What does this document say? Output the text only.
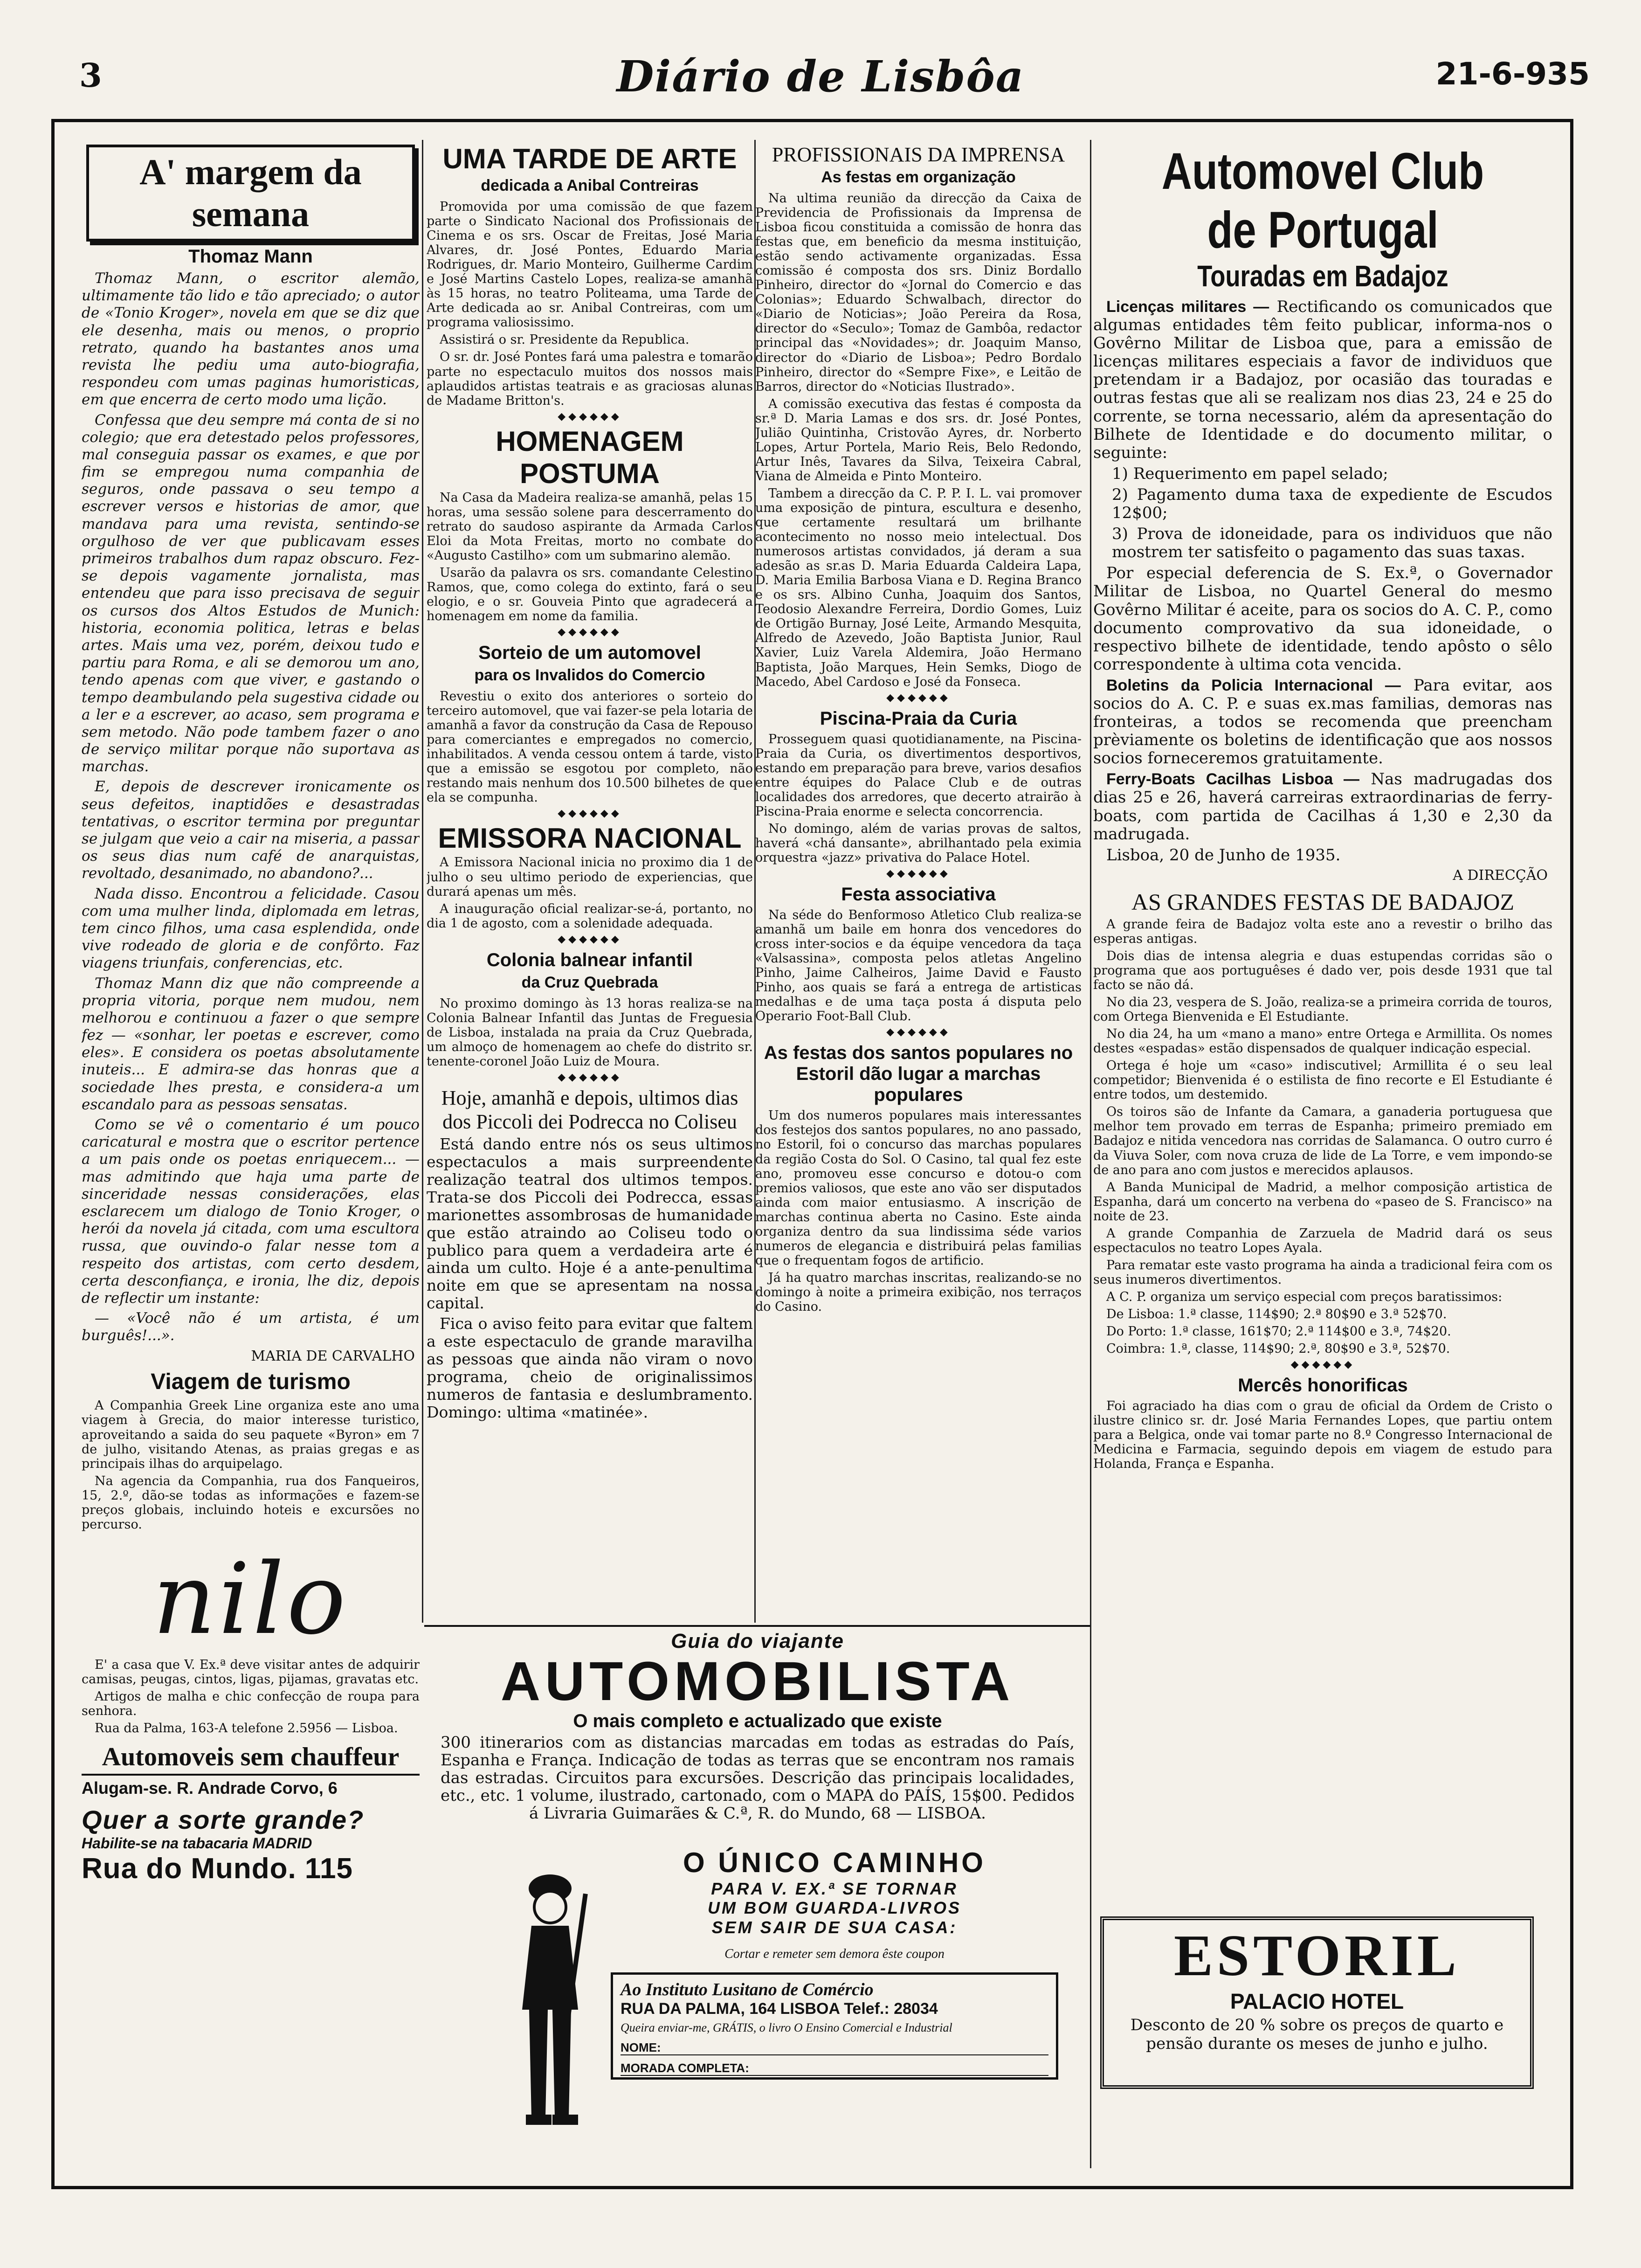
3	Diário de Lisbôa	21-6-935
A' margem da semana
Thomaz Mann

Thomaz Mann, o escritor alemão, ultimamente tão lido e tão apreciado; o autor de «Tonio Kroger», novela em que se diz que ele desenha, mais ou menos, o proprio retrato, quando ha bastantes anos uma revista lhe pediu uma auto-biografia, respondeu com umas paginas humoristicas, em que encerra de certo modo uma lição.

Confessa que deu sempre má conta de si no colegio; que era detestado pelos professores, mal conseguia passar os exames, e que por fim se empregou numa companhia de seguros, onde passava o seu tempo a escrever versos e historias de amor, que mandava para uma revista, sentindo-se orgulhoso de ver que publicavam esses primeiros trabalhos dum rapaz obscuro. Fez-se depois vagamente jornalista, mas entendeu que para isso precisava de seguir os cursos dos Altos Estudos de Munich: historia, economia politica, letras e belas artes. Mais uma vez, porém, deixou tudo e partiu para Roma, e ali se demorou um ano, tendo apenas com que viver, e gastando o tempo deambulando pela sugestiva cidade ou a ler e a escrever, ao acaso, sem programa e sem metodo. Não pode tambem fazer o ano de serviço militar porque não suportava as marchas.

E, depois de descrever ironicamente os seus defeitos, inaptidões e desastradas tentativas, o escritor termina por preguntar se julgam que veio a cair na miseria, a passar os seus dias num café de anarquistas, revoltado, desanimado, no abandono?...

Nada disso. Encontrou a felicidade. Casou com uma mulher linda, diplomada em letras, tem cinco filhos, uma casa esplendida, onde vive rodeado de gloria e de confôrto. Faz viagens triunfais, conferencias, etc.

Thomaz Mann diz que não compreende a propria vitoria, porque nem mudou, nem melhorou e continuou a fazer o que sempre fez — «sonhar, ler poetas e escrever, como eles». E considera os poetas absolutamente inuteis... E admira-se das honras que a sociedade lhes presta, e considera-a um escandalo para as pessoas sensatas.

Como se vê o comentario é um pouco caricatural e mostra que o escritor pertence a um pais onde os poetas enriquecem... — mas admitindo que haja uma parte de sinceridade nessas considerações, elas esclarecem um dialogo de Tonio Kroger, o herói da novela já citada, com uma escultora russa, que ouvindo-o falar nesse tom a respeito dos artistas, com certo desdem, certa desconfiança, e ironia, lhe diz, depois de reflectir um instante:

— «Você não é um artista, é um burguês!...».

MARIA DE CARVALHO
Viagem de turismo

A Companhia Greek Line organiza este ano uma viagem à Grecia, do maior interesse turistico, aproveitando a saida do seu paquete «Byron» em 7 de julho, visitando Atenas, as praias gregas e as principais ilhas do arquipelago.

Na agencia da Companhia, rua dos Fanqueiros, 15, 2.º, dão-se todas as informações e fazem-se preços globais, incluindo hoteis e excursões no percurso.

nilo

E' a casa que V. Ex.ª deve visitar antes de adquirir camisas, peugas, cintos, ligas, pijamas, gravatas etc.

Artigos de malha e chic confecção de roupa para senhora.

Rua da Palma, 163-A telefone 2.5956 — Lisboa.

Automoveis sem chauffeur
Alugam-se. R. Andrade Corvo, 6
Quer a sorte grande?
Habilite-se na tabacaria MADRID
Rua do Mundo. 115
UMA TARDE DE ARTE
dedicada a Anibal Contreiras

Promovida por uma comissão de que fazem parte o Sindicato Nacional dos Profissionais de Cinema e os srs. Oscar de Freitas, José Maria Alvares, dr. José Pontes, Eduardo Maria Rodrigues, dr. Mario Monteiro, Guilherme Cardim e José Martins Castelo Lopes, realiza-se amanhã às 15 horas, no teatro Politeama, uma Tarde de Arte dedicada ao sr. Anibal Contreiras, com um programa valiosissimo.

Assistirá o sr. Presidente da Republica.

O sr. dr. José Pontes fará uma palestra e tomarão parte no espectaculo muitos dos nossos mais aplaudidos artistas teatrais e as graciosas alunas de Madame Britton's.

◆◆◆◆◆◆
HOMENAGEM POSTUMA

Na Casa da Madeira realiza-se amanhã, pelas 15 horas, uma sessão solene para descerramento do retrato do saudoso aspirante da Armada Carlos Eloi da Mota Freitas, morto no combate do «Augusto Castilho» com um submarino alemão.

Usarão da palavra os srs. comandante Celestino Ramos, que, como colega do extinto, fará o seu elogio, e o sr. Gouveia Pinto que agradecerá a homenagem em nome da familia.

◆◆◆◆◆◆
Sorteio de um automovel
para os Invalidos do Comercio

Revestiu o exito dos anteriores o sorteio do terceiro automovel, que vai fazer-se pela lotaria de amanhã a favor da construção da Casa de Repouso para comerciantes e empregados no comercio, inhabilitados. A venda cessou ontem á tarde, visto que a emissão se esgotou por completo, não restando mais nenhum dos 10.500 bilhetes de que ela se compunha.

◆◆◆◆◆◆
EMISSORA NACIONAL

A Emissora Nacional inicia no proximo dia 1 de julho o seu ultimo periodo de experiencias, que durará apenas um mês.

A inauguração oficial realizar-se-á, portanto, no dia 1 de agosto, com a solenidade adequada.

◆◆◆◆◆◆
Colonia balnear infantil
da Cruz Quebrada

No proximo domingo às 13 horas realiza-se na Colonia Balnear Infantil das Juntas de Freguesia de Lisboa, instalada na praia da Cruz Quebrada, um almoço de homenagem ao chefe do distrito sr. tenente-coronel João Luiz de Moura.

◆◆◆◆◆◆
Hoje, amanhã e depois, ultimos dias dos Piccoli dei Podrecca no Coliseu

Está dando entre nós os seus ultimos espectaculos a mais surpreendente realização teatral dos ultimos tempos. Trata-se dos Piccoli dei Podrecca, essas marionettes assombrosas de humanidade que estão atraindo ao Coliseu todo o publico para quem a verdadeira arte é ainda um culto. Hoje é a ante-penultima noite em que se apresentam na nossa capital.

Fica o aviso feito para evitar que faltem a este espectaculo de grande maravilha as pessoas que ainda não viram o novo programa, cheio de originalissimos numeros de fantasia e deslumbramento. Domingo: ultima «matinée».

PROFISSIONAIS DA IMPRENSA
As festas em organização

Na ultima reunião da direcção da Caixa de Previdencia de Profissionais da Imprensa de Lisboa ficou constituida a comissão de honra das festas que, em beneficio da mesma instituição, estão sendo activamente organizadas. Essa comissão é composta dos srs. Diniz Bordallo Pinheiro, director do «Jornal do Comercio e das Colonias»; Eduardo Schwalbach, director do «Diario de Noticias»; João Pereira da Rosa, director do «Seculo»; Tomaz de Gambôa, redactor principal das «Novidades»; dr. Joaquim Manso, director do «Diario de Lisboa»; Pedro Bordalo Pinheiro, director do «Sempre Fixe», e Leitão de Barros, director do «Noticias Ilustrado».

A comissão executiva das festas é composta da sr.ª D. Maria Lamas e dos srs. dr. José Pontes, Julião Quintinha, Cristovão Ayres, dr. Norberto Lopes, Artur Portela, Mario Reis, Belo Redondo, Artur Inês, Tavares da Silva, Teixeira Cabral, Viana de Almeida e Pinto Monteiro.

Tambem a direcção da C. P. P. I. L. vai promover uma exposição de pintura, escultura e desenho, que certamente resultará um brilhante acontecimento no nosso meio intelectual. Dos numerosos artistas convidados, já deram a sua adesão as sr.as D. Maria Eduarda Caldeira Lapa, D. Maria Emilia Barbosa Viana e D. Regina Branco e os srs. Albino Cunha, Joaquim dos Santos, Teodosio Alexandre Ferreira, Dordio Gomes, Luiz de Ortigão Burnay, José Leite, Armando Mesquita, Alfredo de Azevedo, João Baptista Junior, Raul Xavier, Luiz Varela Aldemira, João Hermano Baptista, João Marques, Hein Semks, Diogo de Macedo, Abel Cardoso e José da Fonseca.

◆◆◆◆◆◆
Piscina-Praia da Curia

Prosseguem quasi quotidianamente, na Piscina-Praia da Curia, os divertimentos desportivos, estando em preparação para breve, varios desafios entre équipes do Palace Club e de outras localidades dos arredores, que decerto atrairão à Piscina-Praia enorme e selecta concorrencia.

No domingo, além de varias provas de saltos, haverá «chá dansante», abrilhantado pela eximia orquestra «jazz» privativa do Palace Hotel.

◆◆◆◆◆◆
Festa associativa

Na séde do Benformoso Atletico Club realiza-se amanhã um baile em honra dos vencedores do cross inter-socios e da équipe vencedora da taça «Valsassina», composta pelos atletas Angelino Pinho, Jaime Calheiros, Jaime David e Fausto Pinho, aos quais se fará a entrega de artisticas medalhas e de uma taça posta á disputa pelo Operario Foot-Ball Club.

◆◆◆◆◆◆
As festas dos santos populares no Estoril dão lugar a marchas populares

Um dos numeros populares mais interessantes dos festejos dos santos populares, no ano passado, no Estoril, foi o concurso das marchas populares da região Costa do Sol. O Casino, tal qual fez este ano, promoveu esse concurso e dotou-o com premios valiosos, que este ano vão ser disputados ainda com maior entusiasmo. A inscrição de marchas continua aberta no Casino. Este ainda organiza dentro da sua lindissima séde varios numeros de elegancia e distribuirá pelas familias que o frequentam fogos de artificio.

Já ha quatro marchas inscritas, realizando-se no domingo à noite a primeira exibição, nos terraços do Casino.

Automovel Club
de Portugal
Touradas em Badajoz

Licenças militares — Rectificando os comunicados que algumas entidades têm feito publicar, informa-nos o Govêrno Militar de Lisboa que, para a emissão de licenças militares especiais a favor de individuos que pretendam ir a Badajoz, por ocasião das touradas e outras festas que ali se realizam nos dias 23, 24 e 25 do corrente, se torna necessario, além da apresentação do Bilhete de Identidade e do documento militar, o seguinte:

1) Requerimento em papel selado;

2) Pagamento duma taxa de expediente de Escudos 12$00;

3) Prova de idoneidade, para os individuos que não mostrem ter satisfeito o pagamento das suas taxas.

Por especial deferencia de S. Ex.ª, o Governador Militar de Lisboa, no Quartel General do mesmo Govêrno Militar é aceite, para os socios do A. C. P., como documento comprovativo da sua idoneidade, o respectivo bilhete de identidade, tendo apôsto o sêlo correspondente à ultima cota vencida.

Boletins da Policia Internacional — Para evitar, aos socios do A. C. P. e suas ex.mas familias, demoras nas fronteiras, a todos se recomenda que preencham prèviamente os boletins de identificação que aos nossos socios forneceremos gratuitamente.

Ferry-Boats Cacilhas Lisboa — Nas madrugadas dos dias 25 e 26, haverá carreiras extraordinarias de ferry-boats, com partida de Cacilhas á 1,30 e 2,30 da madrugada.

Lisboa, 20 de Junho de 1935.

A DIRECÇÃO
AS GRANDES FESTAS DE BADAJOZ

A grande feira de Badajoz volta este ano a revestir o brilho das esperas antigas.

Dois dias de intensa alegria e duas estupendas corridas são o programa que aos portuguêses é dado ver, pois desde 1931 que tal facto se não dá.

No dia 23, vespera de S. João, realiza-se a primeira corrida de touros, com Ortega Bienvenida e El Estudiante.

No dia 24, ha um «mano a mano» entre Ortega e Armillita. Os nomes destes «espadas» estão dispensados de qualquer indicação especial.

Ortega é hoje um «caso» indiscutivel; Armillita é o seu leal competidor; Bienvenida é o estilista de fino recorte e El Estudiante é entre todos, um destemido.

Os toiros são de Infante da Camara, a ganaderia portuguesa que melhor tem provado em terras de Espanha; primeiro premiado em Badajoz e nitida vencedora nas corridas de Salamanca. O outro curro é da Viuva Soler, com nova cruza de lide de La Torre, e vem impondo-se de ano para ano com justos e merecidos aplausos.

A Banda Municipal de Madrid, a melhor composição artistica de Espanha, dará um concerto na verbena do «paseo de S. Francisco» na noite de 23.

A grande Companhia de Zarzuela de Madrid dará os seus espectaculos no teatro Lopes Ayala.

Para rematar este vasto programa ha ainda a tradicional feira com os seus inumeros divertimentos.

A C. P. organiza um serviço especial com preços baratissimos:

De Lisboa: 1.ª classe, 114$90; 2.ª 80$90 e 3.ª 52$70.

Do Porto: 1.ª classe, 161$70; 2.ª 114$00 e 3.ª, 74$20.

Coimbra: 1.ª, classe, 114$90; 2.ª, 80$90 e 3.ª, 52$70.

◆◆◆◆◆◆
Mercês honorificas

Foi agraciado ha dias com o grau de oficial da Ordem de Cristo o ilustre clinico sr. dr. José Maria Fernandes Lopes, que partiu ontem para a Belgica, onde vai tomar parte no 8.º Congresso Internacional de Medicina e Farmacia, seguindo depois em viagem de estudo para Holanda, França e Espanha.

ESTORIL
PALACIO HOTEL
Desconto de 20 % sobre os preços de quarto e pensão durante os meses de junho e julho.
Guia do viajante
AUTOMOBILISTA
O mais completo e actualizado que existe
300 itinerarios com as distancias marcadas em todas as estradas do País, Espanha e França. Indicação de todas as terras que se encontram nos ramais das estradas. Circuitos para excursões. Descrição das principais localidades, etc., etc. 1 volume, ilustrado, cartonado, com o MAPA do PAÍS, 15$00. Pedidos á Livraria Guimarães & C.ª, R. do Mundo, 68 — LISBOA.
O ÚNICO CAMINHO
PARA V. EX.ª SE TORNAR
UM BOM GUARDA-LIVROS
SEM SAIR DE SUA CASA:
Cortar e remeter sem demora êste coupon
Ao Instituto Lusitano de Comércio
RUA DA PALMA, 164 LISBOA Telef.: 28034
Queira enviar-me, GRÁTIS, o livro O Ensino Comercial e Industrial
NOME:
MORADA COMPLETA:
